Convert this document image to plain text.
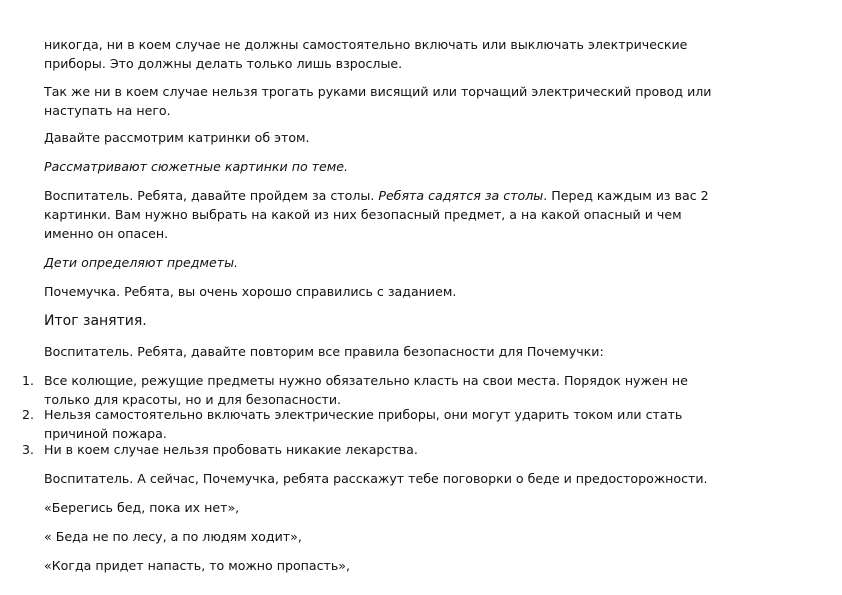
никогда, ни в коем случае не должны самостоятельно включать или выключать электрические
приборы. Это должны делать только лишь взрослые.
Так же ни в коем случае нельзя трогать руками висящий или торчащий электрический провод или
наступать на него.
Давайте рассмотрим катринки об этом.
Рассматривают сюжетные картинки по теме.
Воспитатель. Ребята, давайте пройдем за столы. Ребята садятся за столы. Перед каждым из вас 2
картинки. Вам нужно выбрать на какой из них безопасный предмет, а на какой опасный и чем
именно он опасен.
Дети определяют предметы.
Почемучка. Ребята, вы очень хорошо справились с заданием.
Итог занятия.
Воспитатель. Ребята, давайте повторим все правила безопасности для Почемучки:
1. Все колющие, режущие предметы нужно обязательно класть на свои места. Порядок нужен не
только для красоты, но и для безопасности.
2. Нельзя самостоятельно включать электрические приборы, они могут ударить током или стать
причиной пожара.
3. Ни в коем случае нельзя пробовать никакие лекарства.
Воспитатель. А сейчас, Почемучка, ребята расскажут тебе поговорки о беде и предосторожности.
«Берегись бед, пока их нет»,
« Беда не по лесу, а по людям ходит»,
«Когда придет напасть, то можно пропасть»,
